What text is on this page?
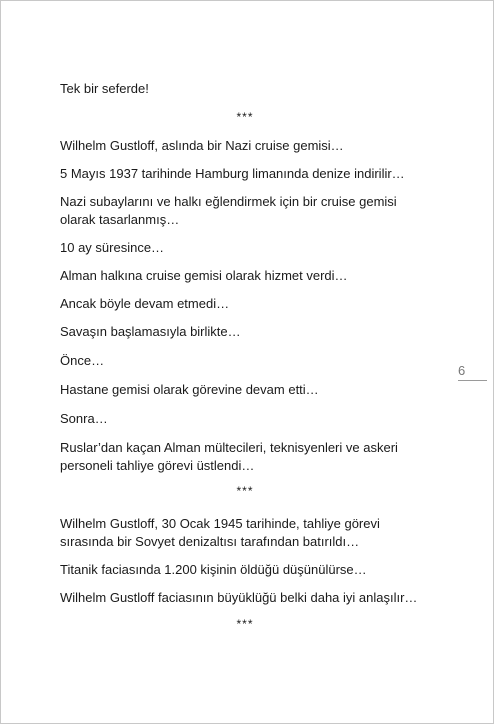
Tek bir seferde!

***

Wilhelm Gustloff, aslında bir Nazi cruise gemisi…

5 Mayıs 1937 tarihinde Hamburg limanında denize indirilir…

Nazi subaylarını ve halkı eğlendirmek için bir cruise gemisi olarak tasarlanmış…

10 ay süresince…

Alman halkına cruise gemisi olarak hizmet verdi…

Ancak böyle devam etmedi…

Savaşın başlamasıyla birlikte…

Önce…

Hastane gemisi olarak görevine devam etti…

Sonra…

Ruslar’dan kaçan Alman mültecileri, teknisyenleri ve askeri personeli tahliye görevi üstlendi…

***

Wilhelm Gustloff, 30 Ocak 1945 tarihinde, tahliye görevi sırasında bir Sovyet denizaltısı tarafından batırıldı…

Titanik faciasında 1.200 kişinin öldüğü düşünülürse…

Wilhelm Gustloff faciasının büyüklüğü belki daha iyi anlaşılır…

***

6
